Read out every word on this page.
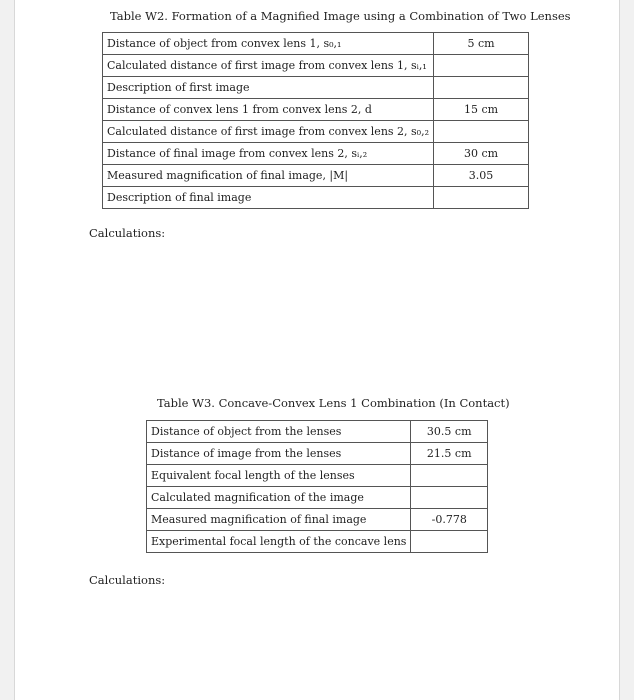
Table W2. Formation of a Magnified Image using a Combination of Two Lenses
Distance of object from convex lens 1, s₀,₁	5 cm
Calculated distance of first image from convex lens 1, sᵢ,₁	
Description of first image	
Distance of convex lens 1 from convex lens 2, d	15 cm
Calculated distance of first image from convex lens 2, s₀,₂	
Distance of final image from convex lens 2, sᵢ,₂	30 cm
Measured magnification of final image, |M|	3.05
Description of final image	
Calculations:
Table W3. Concave-Convex Lens 1 Combination (In Contact)
Distance of object from the lenses	30.5 cm
Distance of image from the lenses	21.5 cm
Equivalent focal length of the lenses	
Calculated magnification of the image	
Measured magnification of final image	-0.778
Experimental focal length of the concave lens	
Calculations:
